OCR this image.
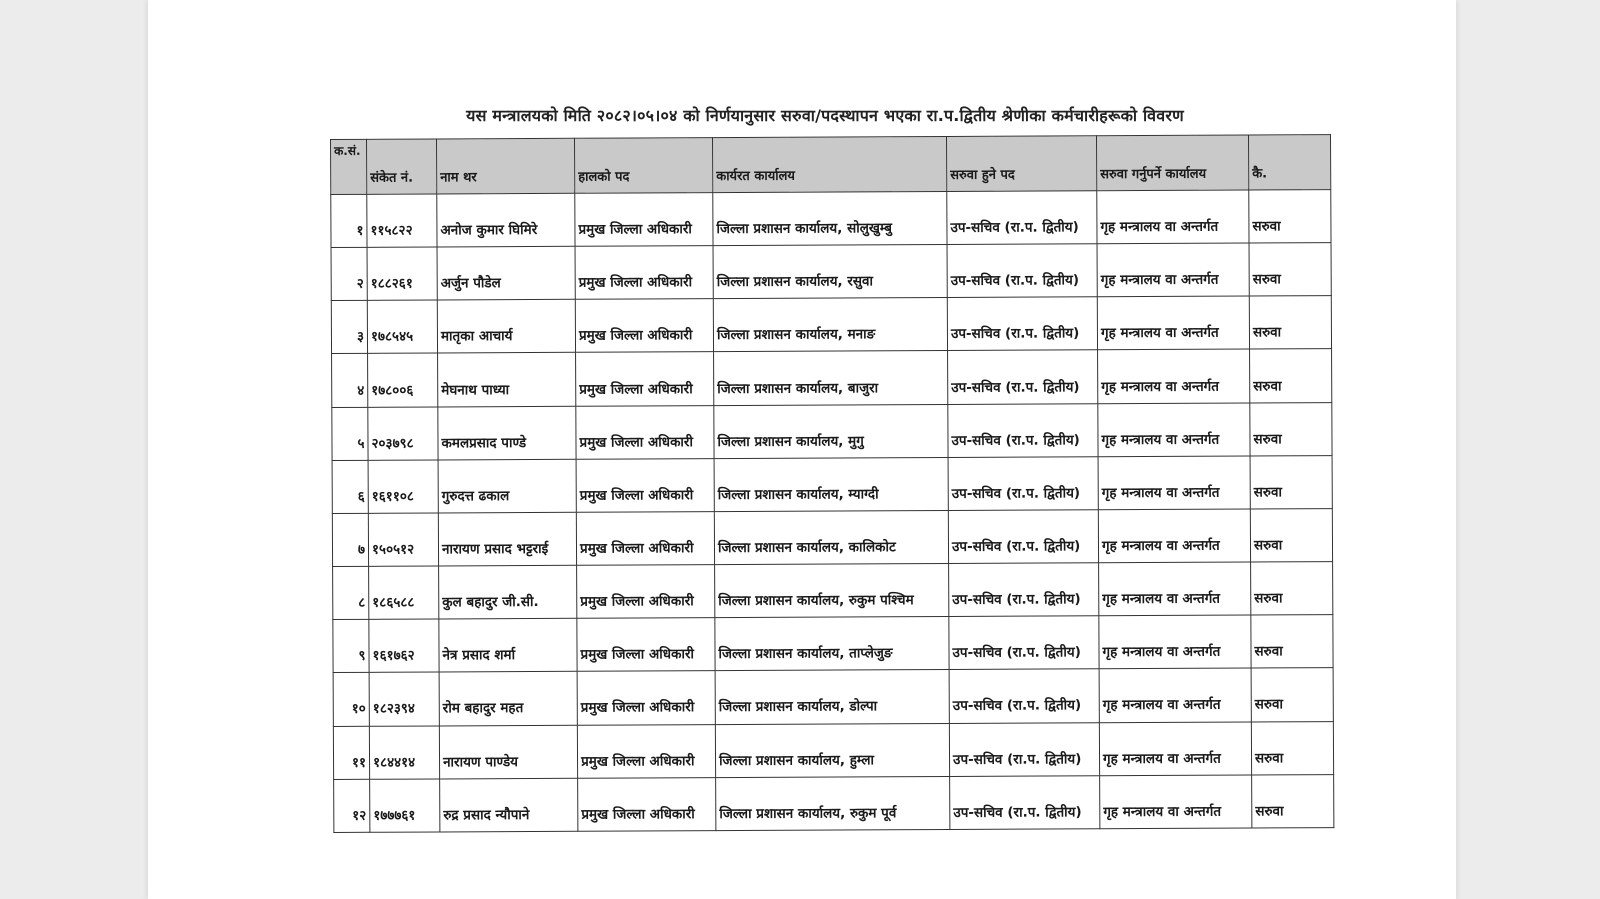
यस मन्त्रालयको मिति २०८२।०५।०४ को निर्णयानुसार सरुवा/पदस्थापन भएका रा.प.द्वितीय श्रेणीका कर्मचारीहरूको विवरण
क.सं.	संकेत नं.	नाम थर	हालको पद	कार्यरत कार्यालय	सरुवा हुने पद	सरुवा गर्नुपर्ने कार्यालय	कै.
१	११५८२२	अनोज कुमार घिमिरे	प्रमुख जिल्ला अधिकारी	जिल्ला प्रशासन कार्यालय, सोलुखुम्बु	उप-सचिव (रा.प. द्वितीय)	गृह मन्त्रालय वा अन्तर्गत	सरुवा
२	१८८२६१	अर्जुन पौडेल	प्रमुख जिल्ला अधिकारी	जिल्ला प्रशासन कार्यालय, रसुवा	उप-सचिव (रा.प. द्वितीय)	गृह मन्त्रालय वा अन्तर्गत	सरुवा
३	१७८५४५	मातृका आचार्य	प्रमुख जिल्ला अधिकारी	जिल्ला प्रशासन कार्यालय, मनाङ	उप-सचिव (रा.प. द्वितीय)	गृह मन्त्रालय वा अन्तर्गत	सरुवा
४	१७८००६	मेघनाथ पाध्या	प्रमुख जिल्ला अधिकारी	जिल्ला प्रशासन कार्यालय, बाजुरा	उप-सचिव (रा.प. द्वितीय)	गृह मन्त्रालय वा अन्तर्गत	सरुवा
५	२०३७९८	कमलप्रसाद पाण्डे	प्रमुख जिल्ला अधिकारी	जिल्ला प्रशासन कार्यालय, मुगु	उप-सचिव (रा.प. द्वितीय)	गृह मन्त्रालय वा अन्तर्गत	सरुवा
६	१६११०८	गुरुदत्त ढकाल	प्रमुख जिल्ला अधिकारी	जिल्ला प्रशासन कार्यालय, म्याग्दी	उप-सचिव (रा.प. द्वितीय)	गृह मन्त्रालय वा अन्तर्गत	सरुवा
७	१५०५१२	नारायण प्रसाद भट्टराई	प्रमुख जिल्ला अधिकारी	जिल्ला प्रशासन कार्यालय, कालिकोट	उप-सचिव (रा.प. द्वितीय)	गृह मन्त्रालय वा अन्तर्गत	सरुवा
८	१८६५८८	कुल बहादुर जी.सी.	प्रमुख जिल्ला अधिकारी	जिल्ला प्रशासन कार्यालय, रुकुम पश्चिम	उप-सचिव (रा.प. द्वितीय)	गृह मन्त्रालय वा अन्तर्गत	सरुवा
९	१६१७६२	नेत्र प्रसाद शर्मा	प्रमुख जिल्ला अधिकारी	जिल्ला प्रशासन कार्यालय, ताप्लेजुङ	उप-सचिव (रा.प. द्वितीय)	गृह मन्त्रालय वा अन्तर्गत	सरुवा
१०	१८२३९४	रोम बहादुर महत	प्रमुख जिल्ला अधिकारी	जिल्ला प्रशासन कार्यालय, डोल्पा	उप-सचिव (रा.प. द्वितीय)	गृह मन्त्रालय वा अन्तर्गत	सरुवा
११	१८४४१४	नारायण पाण्डेय	प्रमुख जिल्ला अधिकारी	जिल्ला प्रशासन कार्यालय, हुम्ला	उप-सचिव (रा.प. द्वितीय)	गृह मन्त्रालय वा अन्तर्गत	सरुवा
१२	१७७७६१	रुद्र प्रसाद न्यौपाने	प्रमुख जिल्ला अधिकारी	जिल्ला प्रशासन कार्यालय, रुकुम पूर्व	उप-सचिव (रा.प. द्वितीय)	गृह मन्त्रालय वा अन्तर्गत	सरुवा
